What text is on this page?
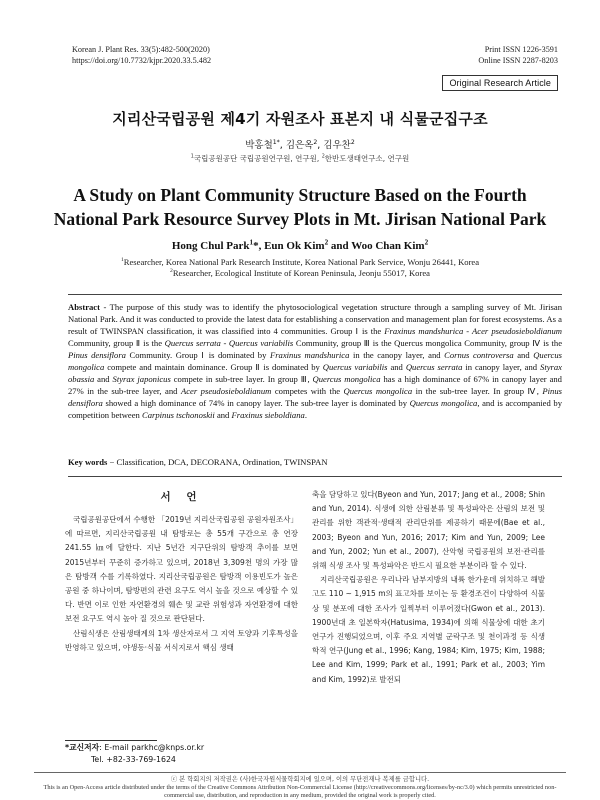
Korean J. Plant Res. 33(5):482-500(2020)
https://doi.org/10.7732/kjpr.2020.33.5.482
Print ISSN 1226-3591
Online ISSN 2287-8203
Original Research Article
지리산국립공원 제4기 자원조사 표본지 내 식물군집구조
박홍철$^{1*}$, 김은옥$^2$, 김우찬$^2$
$^1$국립공원공단 국립공원연구원, 연구원, $^2$한반도생태연구소, 연구원
A Study on Plant Community Structure Based on the Fourth National Park Resource Survey Plots in Mt. Jirisan National Park
Hong Chul Park$^1$*, Eun Ok Kim$^2$ and Woo Chan Kim$^2$
$^1$Researcher, Korea National Park Research Institute, Korea National Park Service, Wonju 26441, Korea
$^2$Researcher, Ecological Institute of Korean Peninsula, Jeonju 55017, Korea
Abstract - The purpose of this study was to identify the phytosociological vegetation structure through a sampling survey of Mt. Jirisan National Park. And it was conducted to provide the latest data for establishing a conservation and management plan for forest ecosystems. As a result of TWINSPAN classification, it was classified into 4 communities. Group Ⅰ is the Fraxinus mandshurica - Acer pseudosieboldianum Community, group Ⅱ is the Quercus serrata - Quercus variabilis Community, group Ⅲ is the Quercus mongolica Community, group Ⅳ is the Pinus densiflora Community. Group Ⅰ is dominated by Fraxinus mandshurica in the canopy layer, and Cornus controversa and Quercus mongolica compete and maintain dominance. Group Ⅱ is dominated by Quercus variabilis and Quercus serrata in canopy layer, and Styrax obassia and Styrax japonicus compete in sub-tree layer. In group Ⅲ, Quercus mongolica has a high dominance of 67% in canopy layer and 27% in the sub-tree layer, and Acer pseudosieboldianum competes with the Quercus mongolica in the sub-tree layer. In group Ⅳ, Pinus densiflora showed a high dominance of 74% in canopy layer. The sub-tree layer is dominated by Quercus mongolica, and is accompanied by competition between Carpinus tschonoskii and Fraxinus sieboldiana.
Key words − Classification, DCA, DECORANA, Ordination, TWINSPAN
서 언

국립공원공단에서 수행한 「2019년 지리산국립공원 공원자원조사」에 따르면, 지리산국립공원 내 탐방로는 총 55개 구간으로 총 연장 241.55 ㎞에 달한다. 지난 5년간 지구단위의 탐방객 추이를 보면 2015년부터 꾸준히 증가하고 있으며, 2018년 3,309천 명의 가장 많은 탐방객 수를 기록하였다. 지리산국립공원은 탐방객 이용빈도가 높은 공원 중 하나이며, 탐방편의 관련 요구도 역시 높을 것으로 예상할 수 있다. 반면 이로 인한 자연환경의 훼손 및 교란 위험성과 자연환경에 대한 보전 요구도 역시 높아 질 것으로 판단된다.

산림식생은 산림생태계의 1차 생산자로서 그 지역 토양과 기후특성을 반영하고 있으며, 야생동·식물 서식지로서 핵심 생태

축을 담당하고 있다(Byeon and Yun, 2017; Jang et al., 2008; Shin and Yun, 2014). 식생에 의한 산림분류 및 특성파악은 산림의 보전 및 관리를 위한 객관적·생태적 관리단위를 제공하기 때문에(Bae et al., 2003; Byeon and Yun, 2016; 2017; Kim and Yun, 2009; Lee and Yun, 2002; Yun et al., 2007), 산악형 국립공원의 보전·관리를 위해 식생 조사 및 특성파악은 반드시 필요한 부분이라 할 수 있다.

지리산국립공원은 우리나라 남부지방의 내륙 한가운데 위치하고 해발고도 110 ~ 1,915 m의 표고차를 보이는 등 환경조건이 다양하여 식물상 및 분포에 대한 조사가 일찍부터 이루어졌다(Gwon et al., 2013). 1900년대 초 일본학자(Hatusima, 1934)에 의해 식물상에 대한 초기연구가 진행되었으며, 이후 주요 지역별 군락구조 및 천이과정 등 식생학적 연구(Jung et al., 1996; Kang, 1984; Kim, 1975; Kim, 1988; Lee and Kim, 1999; Park et al., 1991; Park et al., 2003; Yim and Kim, 1992)로 발전되

*교신저자: E-mail parkhc@knps.or.kr
Tel. +82-33-769-1624
ⓒ 본 학회지의 저작권은 (사)한국자원식물학회지에 있으며, 이의 무단전재나 복제를 금합니다.
This is an Open-Access article distributed under the terms of the Creative Commons Attribution Non-Commercial License (http://creativecommons.org/licenses/by-nc/3.0) which permits unrestricted non-commercial use, distribution, and reproduction in any medium, provided the original work is properly cited.
